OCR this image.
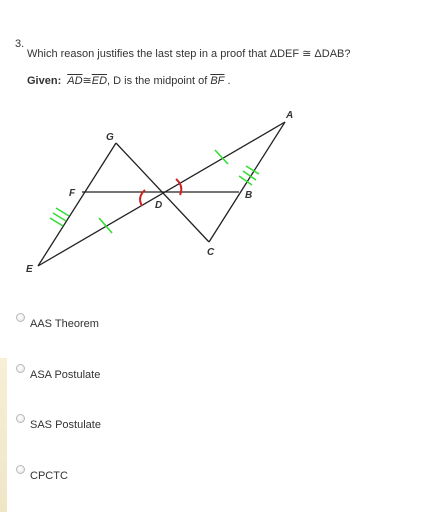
3.
Which reason justifies the last step in a proof that ΔDEF ≅ ΔDAB?
Given: $\overline{AD}≅\overline{ED}$, D is the midpoint of $\overline{BF}$ .
G
F
D
B
A
E
C
AAS Theorem
ASA Postulate
SAS Postulate
CPCTC
